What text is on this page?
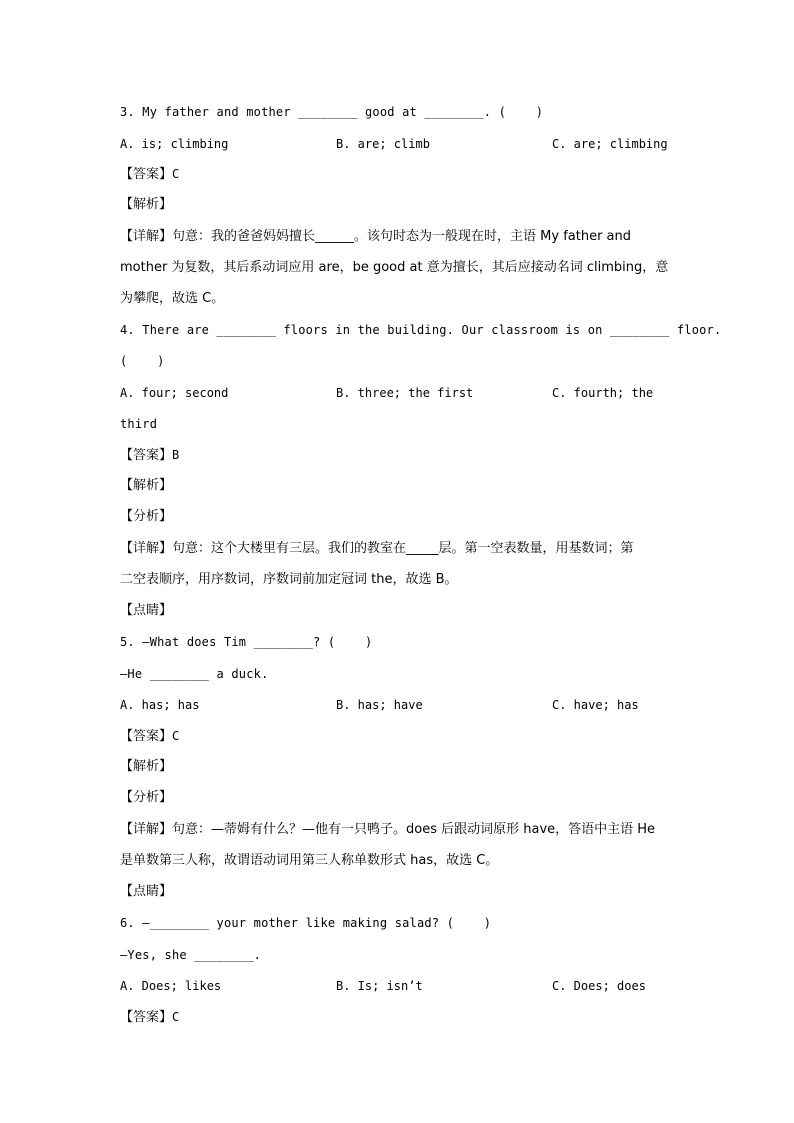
3. My father and mother ________ good at ________. (    )
A. is; climbing	B. are; climb	C. are; climbing
【答案】C
【解析】
【详解】句意：我的爸爸妈妈擅长______。该句时态为一般现在时，主语 My father and
mother 为复数，其后系动词应用 are，be good at 意为擅长，其后应接动名词 climbing，意
为攀爬，故选 C。
4. There are ________ floors in the building. Our classroom is on ________ floor.
(    )
A. four; second	B. three; the first	C. fourth; the
third
【答案】B
【解析】
【分析】
【详解】句意：这个大楼里有三层。我们的教室在_____层。第一空表数量，用基数词；第
二空表顺序，用序数词，序数词前加定冠词 the，故选 B。
【点睛】
5. —What does Tim ________? (    )
—He ________ a duck.
A. has; has	B. has; have	C. have; has
【答案】C
【解析】
【分析】
【详解】句意：—蒂姆有什么？—他有一只鸭子。does 后跟动词原形 have，答语中主语 He
是单数第三人称，故谓语动词用第三人称单数形式 has，故选 C。
【点睛】
6. —________ your mother like making salad? (    )
—Yes, she ________.
A. Does; likes	B. Is; isn’t	C. Does; does
【答案】C
